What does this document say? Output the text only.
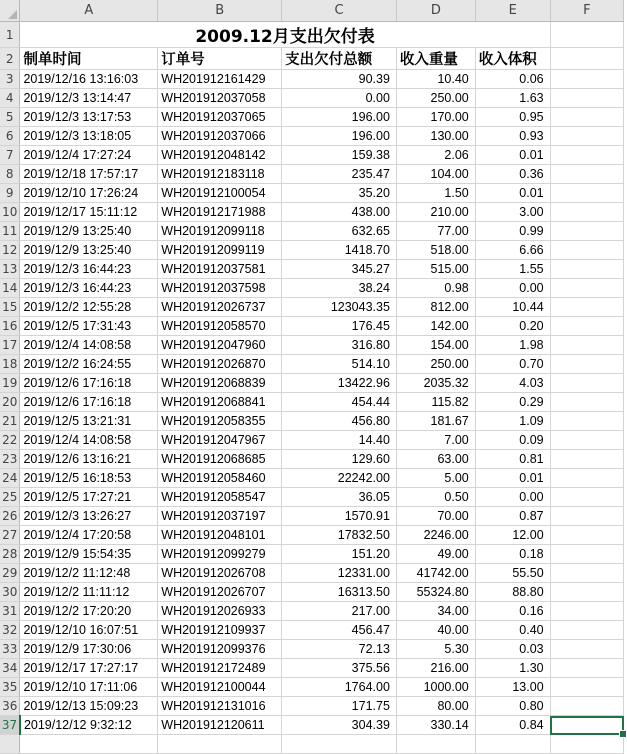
	A	B	C	D	E	F
1	2009.12月支出欠付表					
2	制单时间	订单号	支出欠付总额	收入重量	收入体积	
3	2019/12/16 13:16:03	WH201912161429	90.39	10.40	0.06	
4	2019/12/3 13:14:47	WH201912037058	0.00	250.00	1.63	
5	2019/12/3 13:17:53	WH201912037065	196.00	170.00	0.95	
6	2019/12/3 13:18:05	WH201912037066	196.00	130.00	0.93	
7	2019/12/4 17:27:24	WH201912048142	159.38	2.06	0.01	
8	2019/12/18 17:57:17	WH201912183118	235.47	104.00	0.36	
9	2019/12/10 17:26:24	WH201912100054	35.20	1.50	0.01	
10	2019/12/17 15:11:12	WH201912171988	438.00	210.00	3.00	
11	2019/12/9 13:25:40	WH201912099118	632.65	77.00	0.99	
12	2019/12/9 13:25:40	WH201912099119	1418.70	518.00	6.66	
13	2019/12/3 16:44:23	WH201912037581	345.27	515.00	1.55	
14	2019/12/3 16:44:23	WH201912037598	38.24	0.98	0.00	
15	2019/12/2 12:55:28	WH201912026737	123043.35	812.00	10.44	
16	2019/12/5 17:31:43	WH201912058570	176.45	142.00	0.20	
17	2019/12/4 14:08:58	WH201912047960	316.80	154.00	1.98	
18	2019/12/2 16:24:55	WH201912026870	514.10	250.00	0.70	
19	2019/12/6 17:16:18	WH201912068839	13422.96	2035.32	4.03	
20	2019/12/6 17:16:18	WH201912068841	454.44	115.82	0.29	
21	2019/12/5 13:21:31	WH201912058355	456.80	181.67	1.09	
22	2019/12/4 14:08:58	WH201912047967	14.40	7.00	0.09	
23	2019/12/6 13:16:21	WH201912068685	129.60	63.00	0.81	
24	2019/12/5 16:18:53	WH201912058460	22242.00	5.00	0.01	
25	2019/12/5 17:27:21	WH201912058547	36.05	0.50	0.00	
26	2019/12/3 13:26:27	WH201912037197	1570.91	70.00	0.87	
27	2019/12/4 17:20:58	WH201912048101	17832.50	2246.00	12.00	
28	2019/12/9 15:54:35	WH201912099279	151.20	49.00	0.18	
29	2019/12/2 11:12:48	WH201912026708	12331.00	41742.00	55.50	
30	2019/12/2 11:11:12	WH201912026707	16313.50	55324.80	88.80	
31	2019/12/2 17:20:20	WH201912026933	217.00	34.00	0.16	
32	2019/12/10 16:07:51	WH201912109937	456.47	40.00	0.40	
33	2019/12/9 17:30:06	WH201912099376	72.13	5.30	0.03	
34	2019/12/17 17:27:17	WH201912172489	375.56	216.00	1.30	
35	2019/12/10 17:11:06	WH201912100044	1764.00	1000.00	13.00	
36	2019/12/13 15:09:23	WH201912131016	171.75	80.00	0.80	
37	2019/12/12 9:32:12	WH201912120611	304.39	330.14	0.84	
